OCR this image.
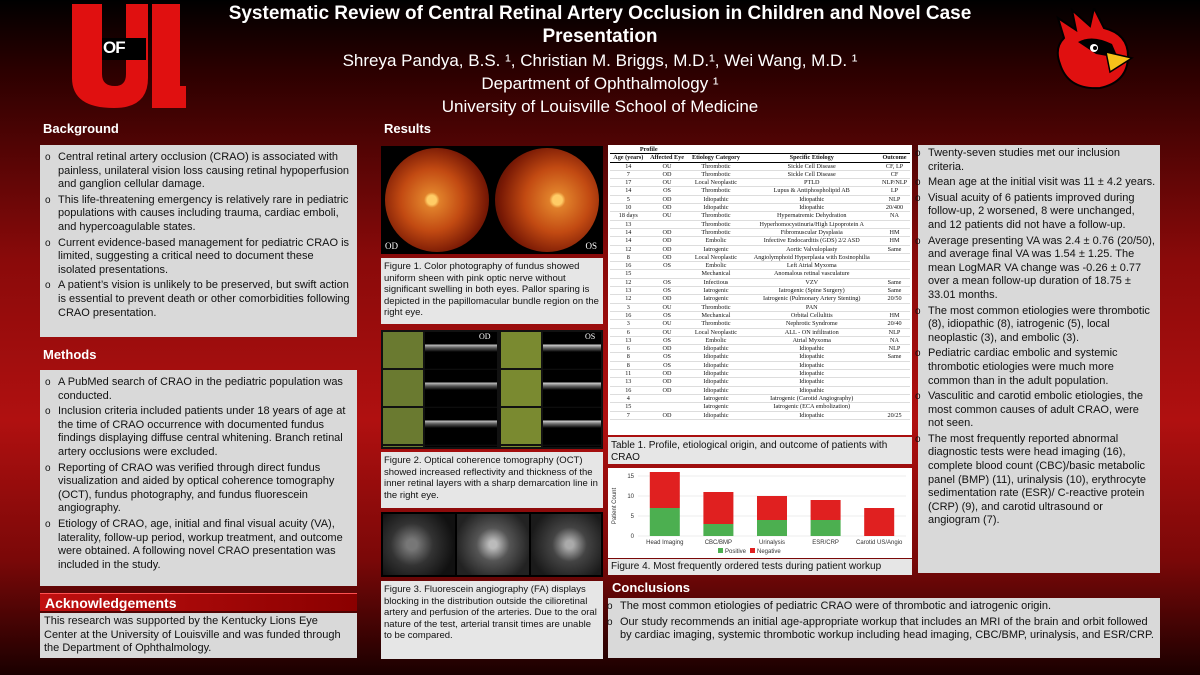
OF
Systematic Review of Central Retinal Artery Occlusion in Children and Novel Case
Presentation
Shreya Pandya, B.S. ¹, Christian M. Briggs, M.D.¹, Wei Wang, M.D. ¹
Department of Ophthalmology ¹
University of Louisville School of Medicine
Background
o Central retinal artery occlusion (CRAO) is associated with painless, unilateral vision loss causing retinal hypoperfusion and ganglion cellular damage.
o This life-threatening emergency is relatively rare in pediatric populations with causes including trauma, cardiac emboli, and hypercoagulable states.
o Current evidence-based management for pediatric CRAO is limited, suggesting a critical need to document these isolated presentations.
o A patient’s vision is unlikely to be preserved, but swift action is essential to prevent death or other comorbidities following CRAO presentation.
Methods
o A PubMed search of CRAO in the pediatric population was conducted.
o Inclusion criteria included patients under 18 years of age at the time of CRAO occurrence with documented fundus findings displaying diffuse central whitening. Branch retinal artery occlusions were excluded.
o Reporting of CRAO was verified through direct fundus visualization and aided by optical coherence tomography (OCT), fundus photography, and fundus fluorescein angiography.
o Etiology of CRAO, age, initial and final visual acuity (VA), laterality, follow-up period, workup treatment, and outcome were obtained. A following novel CRAO presentation was included in the study.
Acknowledgements
This research was supported by the Kentucky Lions Eye Center at the University of Louisville and was funded through the Department of Ophthalmology.
Results
OD	OS
Figure 1. Color photography of fundus showed uniform sheen with pink optic nerve without significant swelling in both eyes. Pallor sparing is depicted in the papillomacular bundle region on the right eye.
OD	OS
Figure 2. Optical coherence tomography (OCT) showed increased reflectivity and thickness of the inner retinal layers with a sharp demarcation line in the right eye.
Figure 3. Fluorescein angiography (FA) displays blocking in the distribution outside the cilioretinal artery and perfusion of the arteries. Due to the oral nature of the test, arterial transit times are unable to be compared.
Profile				
Age (years)	Affected Eye	Etiology Category	Specific Etiology	Outcome
14	OU	Thrombotic	Sickle Cell Disease	CF, LP
7	OD	Thrombotic	Sickle Cell Disease	CF
17	OU	Local Neoplastic	PTLD	NLP/NLP
14	OS	Thrombotic	Lupus & Antiphospholipid AB	LP
5	OD	Idiopathic	Idiopathic	NLP
10	OD	Idiopathic	Idiopathic	20/400
18 days	OU	Thrombotic	Hypernatremic Dehydration	NA
13		Thrombotic	Hyperhomocystinuria/High Lipoprotein A	
14	OD	Thrombotic	Fibromuscular Dysplasia	HM
14	OD	Embolic	Infective Endocarditis (GDS) 2/2 ASD	HM
12	OD	Iatrogenic	Aortic Valvuloplasty	Same
8	OD	Local Neoplastic	Angiolymphoid Hyperplasia with Eosinophilia	
16	OS	Embolic	Left Atrial Myxoma	
15		Mechanical	Anomalous retinal vasculature	
12	OS	Infectious	VZV	Same
13	OS	Iatrogenic	Iatrogenic (Spine Surgery)	Same
12	OD	Iatrogenic	Iatrogenic (Pulmonary Artery Stenting)	20/50
3	OU	Thrombotic	PAN	
16	OS	Mechanical	Orbital Cellulitis	HM
3	OU	Thrombotic	Nephrotic Syndrome	20/40
6	OU	Local Neoplastic	ALL - ON infiltration	NLP
13	OS	Embolic	Atrial Myxoma	NA
6	OD	Idiopathic	Idiopathic	NLP
8	OS	Idiopathic	Idiopathic	Same
8	OS	Idiopathic	Idiopathic	
11	OD	Idiopathic	Idiopathic	
13	OD	Idiopathic	Idiopathic	
16	OD	Idiopathic	Idiopathic	
4		Iatrogenic	Iatrogenic (Carotid Angiography)	
15		Iatrogenic	Iatrogenic (ECA embolization)	
7	OD	Idiopathic	Idiopathic	20/25
Table 1. Profile, etiological origin, and outcome of patients with CRAO
0
5
10
15
Patient Count
Head Imaging	CBC/BMP	Urinalysis	ESR/CRP	Carotid US/Angio
Positive Negative
Figure 4. Most frequently ordered tests during patient workup
o Twenty-seven studies met our inclusion criteria.
o Mean age at the initial visit was 11 ± 4.2 years.
o Visual acuity of 6 patients improved during follow-up, 2 worsened, 8 were unchanged, and 12 patients did not have a follow-up.
o Average presenting VA was 2.4 ± 0.76 (20/50), and average final VA was 1.54 ± 1.25. The mean LogMAR VA change was -0.26 ± 0.77 over a mean follow-up duration of 18.75 ± 33.01 months.
o The most common etiologies were thrombotic (8), idiopathic (8), iatrogenic (5), local neoplastic (3), and embolic (3).
o Pediatric cardiac embolic and systemic thrombotic etiologies were much more common than in the adult population.
o Vasculitic and carotid embolic etiologies, the most common causes of adult CRAO, were not seen.
o The most frequently reported abnormal diagnostic tests were head imaging (16), complete blood count (CBC)/basic metabolic panel (BMP) (11), urinalysis (10), erythrocyte sedimentation rate (ESR)/ C-reactive protein (CRP) (9), and carotid ultrasound or angiogram (7).
Conclusions
o The most common etiologies of pediatric CRAO were of thrombotic and iatrogenic origin.
o Our study recommends an initial age-appropriate workup that includes an MRI of the brain and orbit followed by cardiac imaging, systemic thrombotic workup including head imaging, CBC/BMP, urinalysis, and ESR/CRP.
